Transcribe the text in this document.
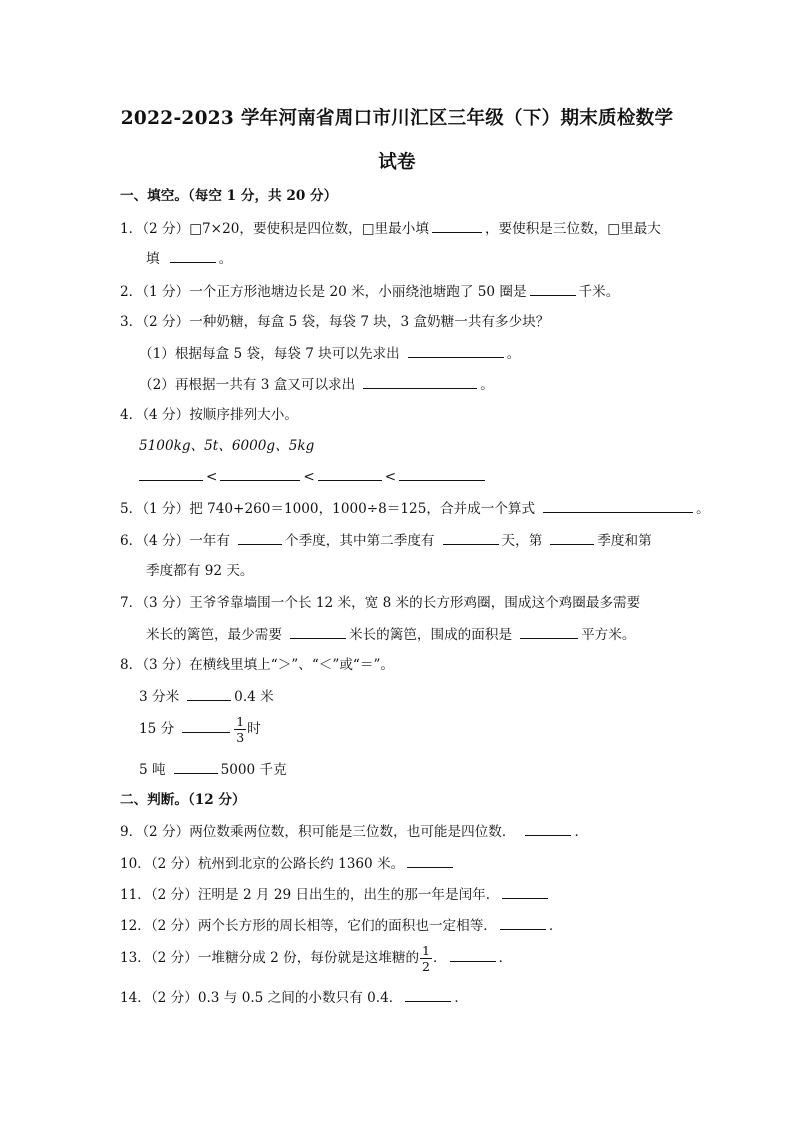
2022-2023 学年河南省周口市川汇区三年级（下）期末质检数学
试卷
一、填空。（每空 1 分，共 20 分）
1．（2 分）□7×20，要使积是四位数，□里最小填	，要使积是三位数，□里最大
填	。
2．（1 分）一个正方形池塘边长是 20 米，小丽绕池塘跑了 50 圈是	千米。
3．（2 分）一种奶糖，每盒 5 袋，每袋 7 块，3 盒奶糖一共有多少块？
（1）根据每盒 5 袋，每袋 7 块可以先求出	。
（2）再根据一共有 3 盒又可以求出	。
4．（4 分）按顺序排列大小。
5100kg、5t、6000g、5kg
<	<	<
5．（1 分）把 740+260＝1000，1000÷8＝125，合并成一个算式	。
6．（4 分）一年有	个季度，其中第二季度有	天，第	季度和第
季度都有 92 天。
7．（3 分）王爷爷靠墙围一个长 12 米，宽 8 米的长方形鸡圈，围成这个鸡圈最多需要
米长的篱笆，最少需要	米长的篱笆，围成的面积是	平方米。
8．（3 分）在横线里填上“＞”、“＜”或“＝”。
3 分米	0.4 米
15 分	$\frac{1}{3}$ 时
5 吨	5000 千克
二、判断。（12 分）
9．（2 分）两位数乘两位数，积可能是三位数，也可能是四位数．	．
10．（2 分）杭州到北京的公路长约 1360 米。
11．（2 分）汪明是 2 月 29 日出生的，出生的那一年是闰年．
12．（2 分）两个长方形的周长相等，它们的面积也一定相等．	．
13．（2 分）一堆糖分成 2 份，每份就是这堆糖的 $\frac{1}{2}$ ．	．
14．（2 分）0.3 与 0.5 之间的小数只有 0.4．	．
